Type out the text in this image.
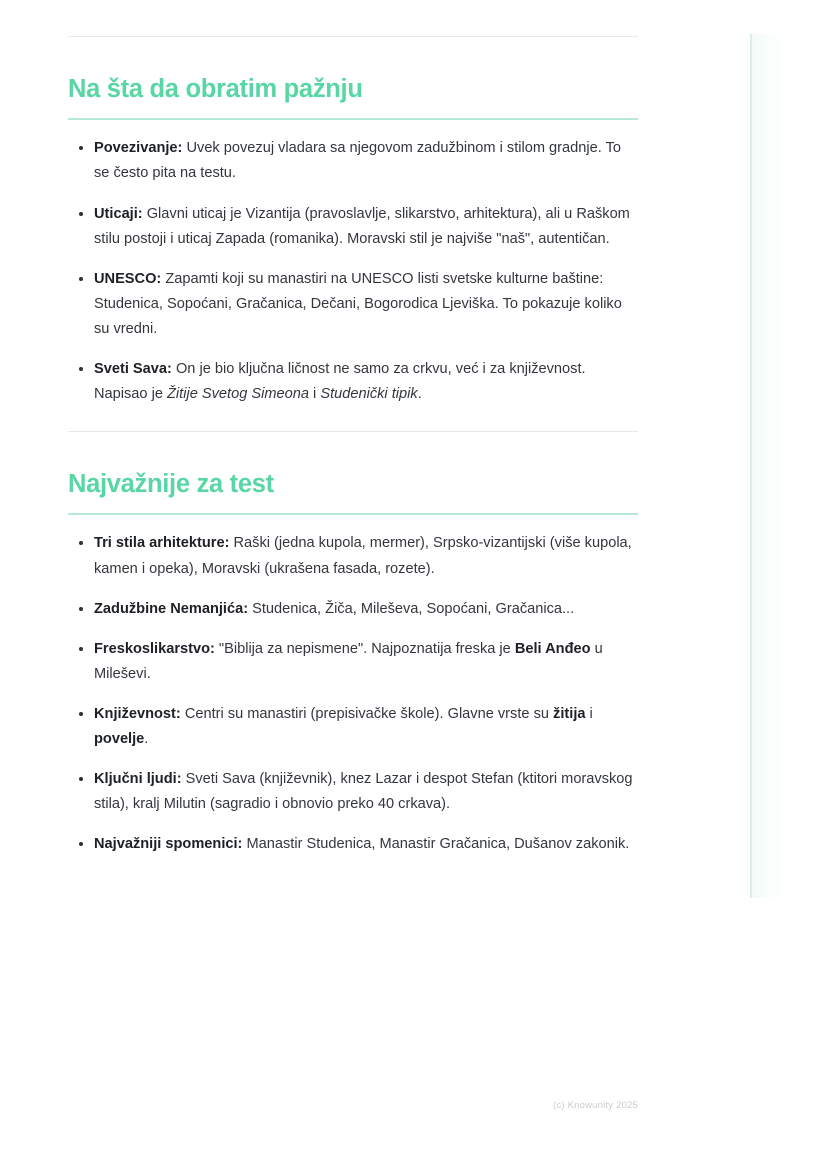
Na šta da obratim pažnju
Povezivanje: Uvek povezuj vladara sa njegovom zadužbinom i stilom gradnje. To se često pita na testu.
Uticaji: Glavni uticaj je Vizantija (pravoslavlje, slikarstvo, arhitektura), ali u Raškom stilu postoji i uticaj Zapada (romanika). Moravski stil je najviše "naš", autentičan.
UNESCO: Zapamti koji su manastiri na UNESCO listi svetske kulturne baštine: Studenica, Sopoćani, Gračanica, Dečani, Bogorodica Ljeviška. To pokazuje koliko su vredni.
Sveti Sava: On je bio ključna ličnost ne samo za crkvu, već i za književnost. Napisao je Žitije Svetog Simeona i Studenički tipik.
Najvažnije za test
Tri stila arhitekture: Raški (jedna kupola, mermer), Srpsko-vizantijski (više kupola, kamen i opeka), Moravski (ukrašena fasada, rozete).
Zadužbine Nemanjića: Studenica, Žiča, Mileševa, Sopoćani, Gračanica...
Freskoslikarstvo: "Biblija za nepismene". Najpoznatija freska je Beli Anđeo u Mileševi.
Književnost: Centri su manastiri (prepisivačke škole). Glavne vrste su žitija i povelje.
Ključni ljudi: Sveti Sava (književnik), knez Lazar i despot Stefan (ktitori moravskog stila), kralj Milutin (sagradio i obnovio preko 40 crkava).
Najvažniji spomenici: Manastir Studenica, Manastir Gračanica, Dušanov zakonik.
(c) Knowunity 2025
